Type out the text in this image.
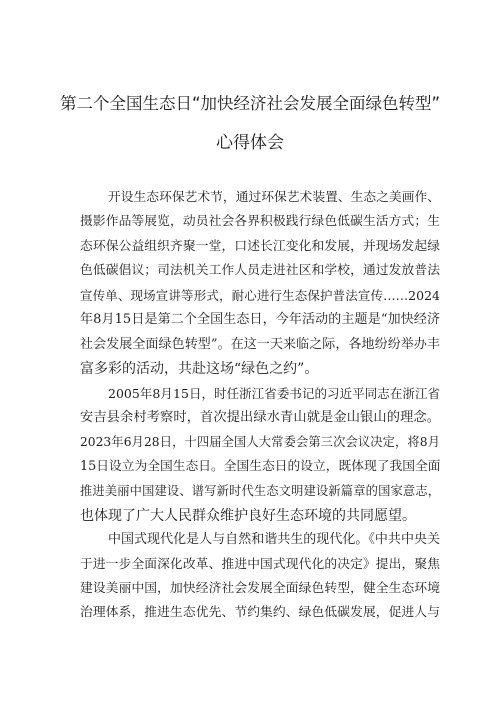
第二个全国生态日“加快经济社会发展全面绿色转型”
心得体会
开设生态环保艺术节，通过环保艺术装置、生态之美画作、
摄影作品等展览，动员社会各界积极践行绿色低碳生活方式；生
态环保公益组织齐聚一堂，口述长江变化和发展，并现场发起绿
色低碳倡议；司法机关工作人员走进社区和学校，通过发放普法
宣传单、现场宣讲等形式，耐心进行生态保护普法宣传……2024
年8月15日是第二个全国生态日，今年活动的主题是“加快经济
社会发展全面绿色转型”。在这一天来临之际，各地纷纷举办丰
富多彩的活动，共赴这场“绿色之约”。
2005年8月15日，时任浙江省委书记的习近平同志在浙江省
安吉县余村考察时，首次提出绿水青山就是金山银山的理念。
2023年6月28日，十四届全国人大常委会第三次会议决定，将8月
15日设立为全国生态日。全国生态日的设立，既体现了我国全面
推进美丽中国建设、谱写新时代生态文明建设新篇章的国家意志，
也体现了广大人民群众维护良好生态环境的共同愿望。
中国式现代化是人与自然和谐共生的现代化。《中共中央关
于进一步全面深化改革、推进中国式现代化的决定》提出，聚焦
建设美丽中国，加快经济社会发展全面绿色转型，健全生态环境
治理体系，推进生态优先、节约集约、绿色低碳发展，促进人与
